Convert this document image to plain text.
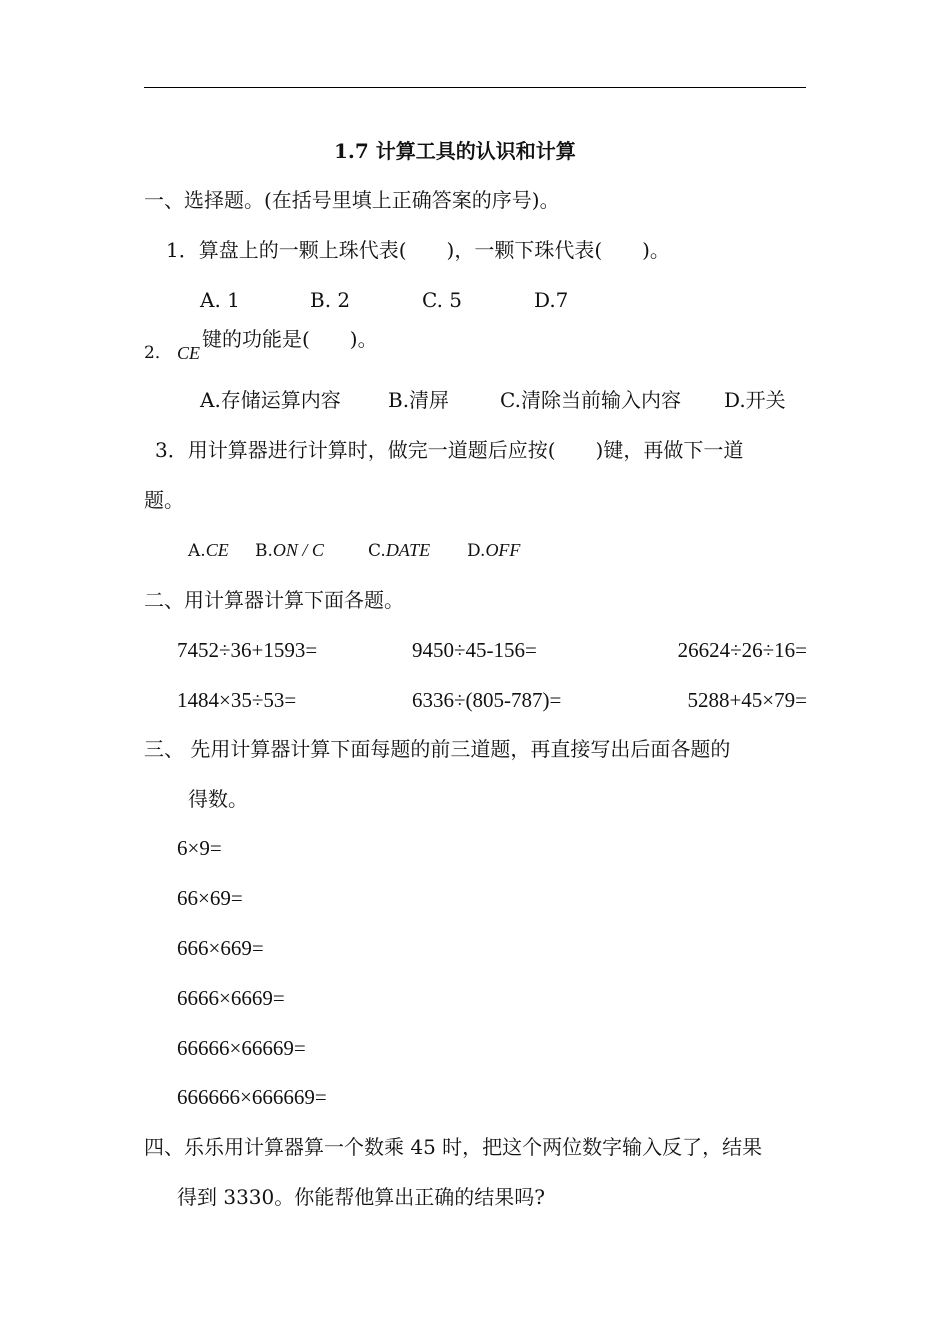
1.7 计算工具的认识和计算
一、选择题。(在括号里填上正确答案的序号)。
1．算盘上的一颗上珠代表(　　)，一颗下珠代表(　　)。
A. 1	B. 2	C. 5	D.7
2． CE
键的功能是(　　)。
A.存储运算内容 B.清屏	C.清除当前输入内容 D.开关
3．用计算器进行计算时，做完一道题后应按(　　)键，再做下一道
题。
A.CE B.ON / C	C.DATE D.OFF
二、用计算器计算下面各题。
7452÷36+1593=	9450÷45-156=	26624÷26÷16=
1484×35÷53=	6336÷(805-787)=	5288+45×79=
三、 先用计算器计算下面每题的前三道题，再直接写出后面各题的
得数。
6×9=
66×69=
666×669=
6666×6669=
66666×66669=
666666×666669=
四、乐乐用计算器算一个数乘 45 时，把这个两位数字输入反了，结果
得到 3330。你能帮他算出正确的结果吗?
